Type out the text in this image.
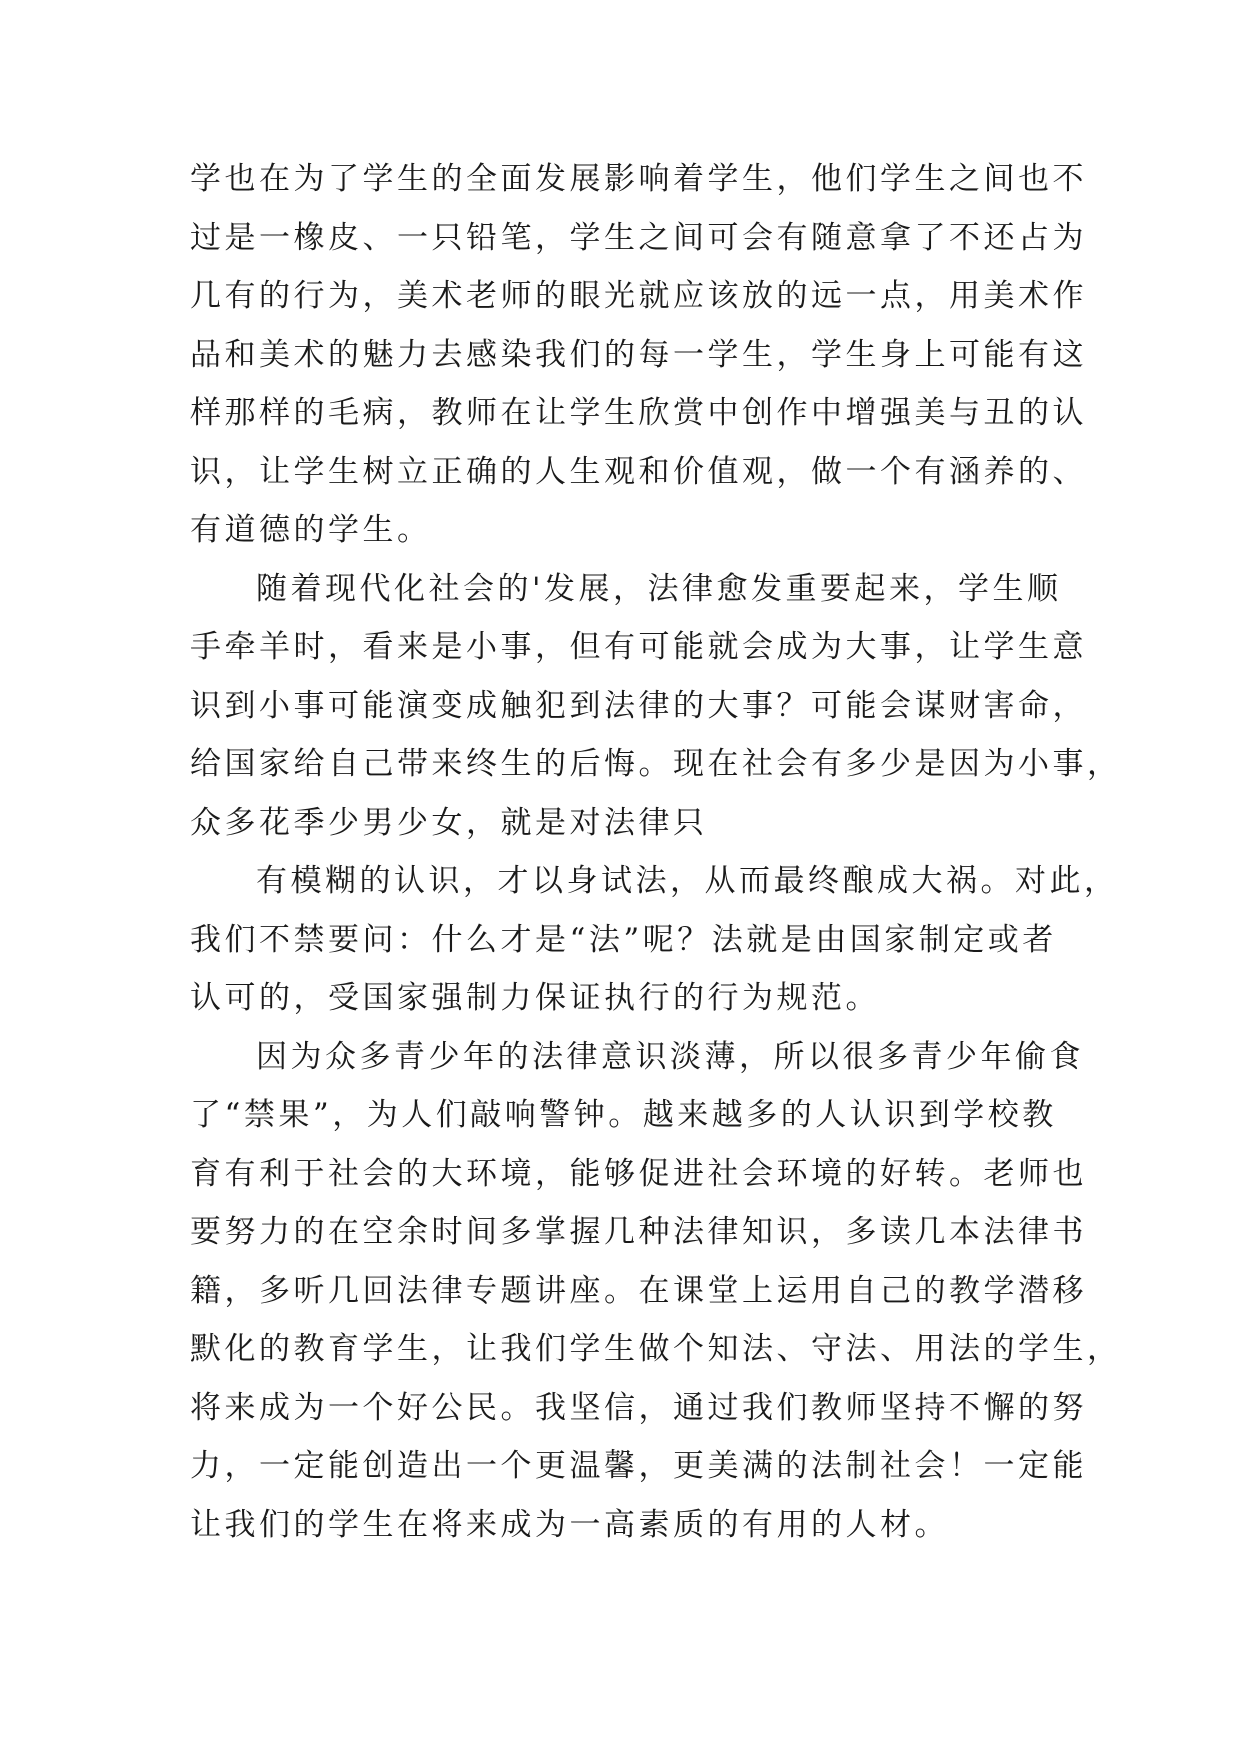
学也在为了学生的全面发展影响着学生，他们学生之间也不
过是一橡皮、一只铅笔，学生之间可会有随意拿了不还占为
几有的行为，美术老师的眼光就应该放的远一点，用美术作
品和美术的魅力去感染我们的每一学生，学生身上可能有这
样那样的毛病，教师在让学生欣赏中创作中增强美与丑的认
识，让学生树立正确的人生观和价值观，做一个有涵养的、
有道德的学生。
随着现代化社会的'发展，法律愈发重要起来，学生顺
手牵羊时，看来是小事，但有可能就会成为大事，让学生意
识到小事可能演变成触犯到法律的大事？可能会谋财害命，
给国家给自己带来终生的后悔。现在社会有多少是因为小事，
众多花季少男少女，就是对法律只
有模糊的认识，才以身试法，从而最终酿成大祸。对此，
我们不禁要问：什么才是“法”呢？法就是由国家制定或者
认可的，受国家强制力保证执行的行为规范。
因为众多青少年的法律意识淡薄，所以很多青少年偷食
了“禁果”，为人们敲响警钟。越来越多的人认识到学校教
育有利于社会的大环境，能够促进社会环境的好转。老师也
要努力的在空余时间多掌握几种法律知识，多读几本法律书
籍，多听几回法律专题讲座。在课堂上运用自己的教学潜移
默化的教育学生，让我们学生做个知法、守法、用法的学生，
将来成为一个好公民。我坚信，通过我们教师坚持不懈的努
力，一定能创造出一个更温馨，更美满的法制社会！一定能
让我们的学生在将来成为一高素质的有用的人材。
